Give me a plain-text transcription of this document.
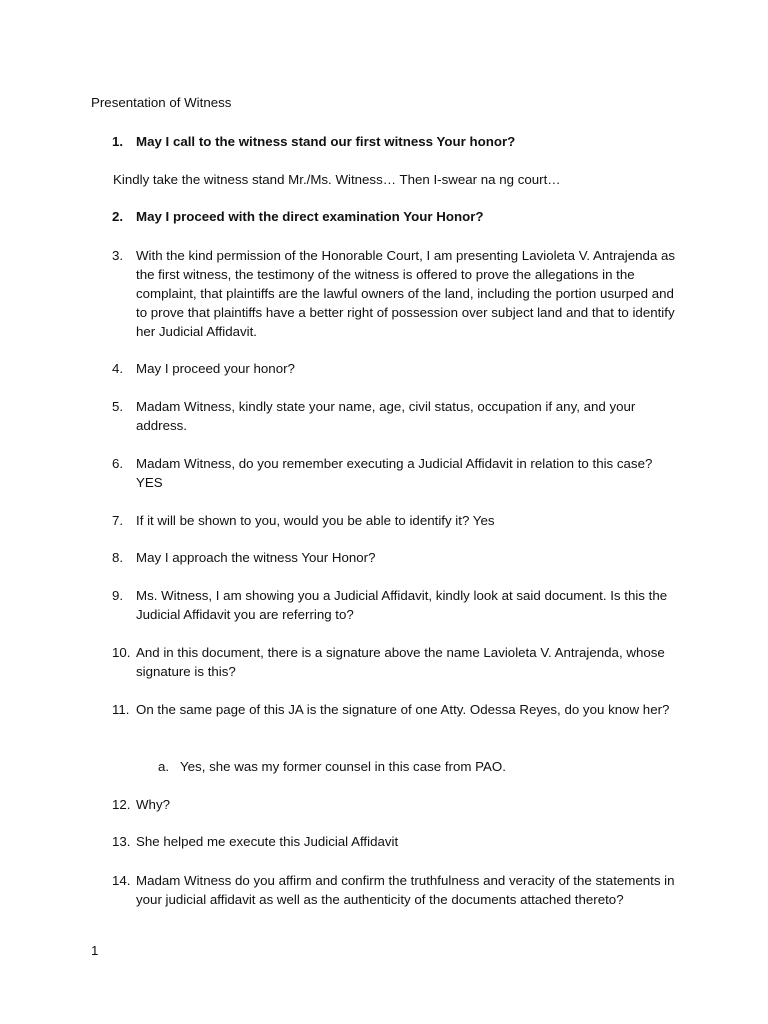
Presentation of Witness
1. May I call to the witness stand our first witness Your honor?
Kindly take the witness stand Mr./Ms. Witness… Then I-swear na ng court…
2. May I proceed with the direct examination Your Honor?
3. With the kind permission of the Honorable Court, I am presenting Lavioleta V. Antrajenda as the first witness, the testimony of the witness is offered to prove the allegations in the complaint, that plaintiffs are the lawful owners of the land, including the portion usurped and to prove that plaintiffs have a better right of possession over subject land and that to identify her Judicial Affidavit.
4. May I proceed your honor?
5. Madam Witness, kindly state your name, age, civil status, occupation if any, and your address.
6. Madam Witness, do you remember executing a Judicial Affidavit in relation to this case? YES
7. If it will be shown to you, would you be able to identify it? Yes
8. May I approach the witness Your Honor?
9. Ms. Witness, I am showing you a Judicial Affidavit, kindly look at said document. Is this the Judicial Affidavit you are referring to?
10. And in this document, there is a signature above the name Lavioleta V. Antrajenda, whose signature is this?
11. On the same page of this JA is the signature of one Atty. Odessa Reyes, do you know her?
a. Yes, she was my former counsel in this case from PAO.
12. Why?
13. She helped me execute this Judicial Affidavit
14. Madam Witness do you affirm and confirm the truthfulness and veracity of the statements in your judicial affidavit as well as the authenticity of the documents attached thereto?
1
